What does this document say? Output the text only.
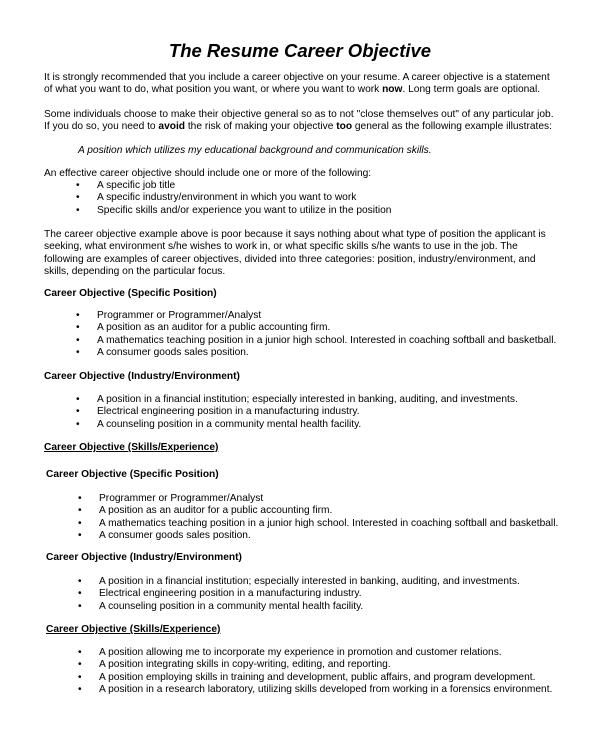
The Resume Career Objective

It is strongly recommended that you include a career objective on your resume. A career objective is a statement of what you want to do, what position you want, or where you want to work now. Long term goals are optional.

Some individuals choose to make their objective general so as to not "close themselves out" of any particular job. If you do so, you need to avoid the risk of making your objective too general as the following example illustrates:

A position which utilizes my educational background and communication skills.

An effective career objective should include one or more of the following:

• A specific job title
• A specific industry/environment in which you want to work
• Specific skills and/or experience you want to utilize in the position

The career objective example above is poor because it says nothing about what type of position the applicant is seeking, what environment s/he wishes to work in, or what specific skills s/he wants to use in the job. The following are examples of career objectives, divided into three categories: position, industry/environment, and skills, depending on the particular focus.

Career Objective (Specific Position)
• Programmer or Programmer/Analyst
• A position as an auditor for a public accounting firm.
• A mathematics teaching position in a junior high school. Interested in coaching softball and basketball.
• A consumer goods sales position.
Career Objective (Industry/Environment)
• A position in a financial institution; especially interested in banking, auditing, and investments.
• Electrical engineering position in a manufacturing industry.
• A counseling position in a community mental health facility.
Career Objective (Skills/Experience)
Career Objective (Specific Position)
• Programmer or Programmer/Analyst
• A position as an auditor for a public accounting firm.
• A mathematics teaching position in a junior high school. Interested in coaching softball and basketball.
• A consumer goods sales position.
Career Objective (Industry/Environment)
• A position in a financial institution; especially interested in banking, auditing, and investments.
• Electrical engineering position in a manufacturing industry.
• A counseling position in a community mental health facility.
Career Objective (Skills/Experience)
• A position allowing me to incorporate my experience in promotion and customer relations.
• A position integrating skills in copy-writing, editing, and reporting.
• A position employing skills in training and development, public affairs, and program development.
• A position in a research laboratory, utilizing skills developed from working in a forensics environment.
